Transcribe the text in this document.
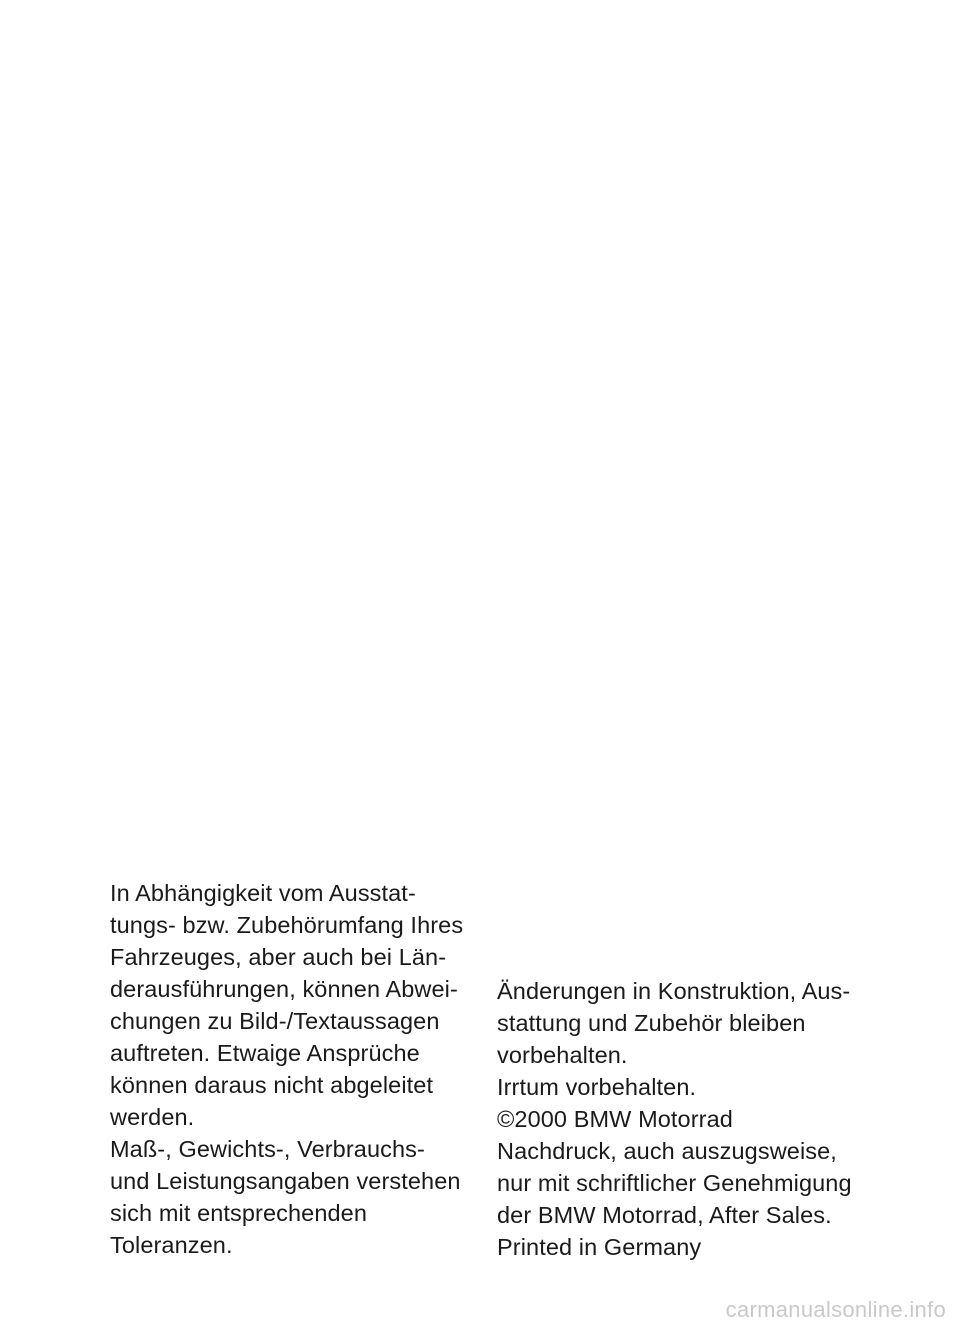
In Abhängigkeit vom Ausstat-
tungs- bzw. Zubehörumfang Ihres
Fahrzeuges, aber auch bei Län-
derausführungen, können Abwei-
chungen zu Bild-/Textaussagen
auftreten. Etwaige Ansprüche
können daraus nicht abgeleitet
werden.
Maß-, Gewichts-, Verbrauchs-
und Leistungsangaben verstehen
sich mit entsprechenden
Toleranzen.
Änderungen in Konstruktion, Aus-
stattung und Zubehör bleiben
vorbehalten.
Irrtum vorbehalten.
©2000 BMW Motorrad
Nachdruck, auch auszugsweise,
nur mit schriftlicher Genehmigung
der BMW Motorrad, After Sales.
Printed in Germany
carmanualsonline.info
